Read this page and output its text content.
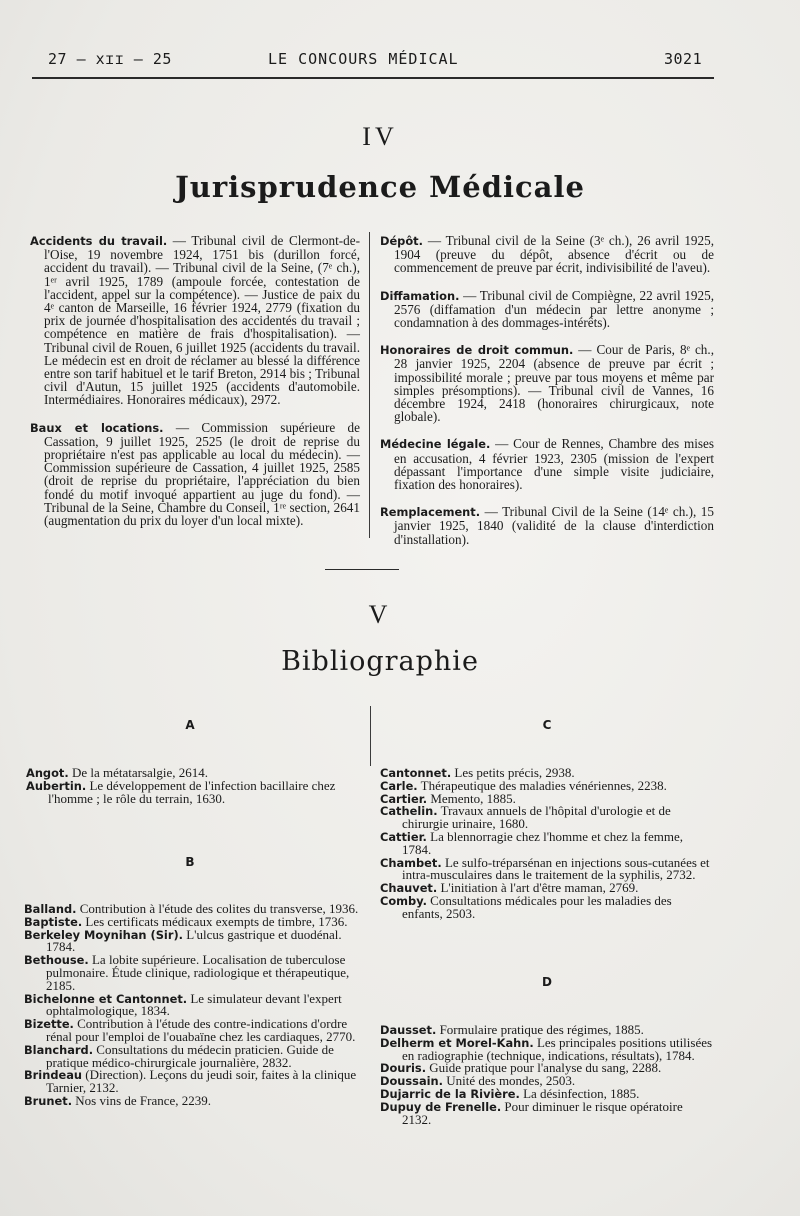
27 — xɪɪ — 25	LE CONCOURS MÉDICAL	3021
IV
Jurisprudence Médicale

Accidents du travail. — Tribunal civil de Clermont-de-l'Oise, 19 novembre 1924, 1751 bis (durillon forcé, accident du travail). — Tribunal civil de la Seine, (7ᵉ ch.), 1ᵉʳ avril 1925, 1789 (ampoule forcée, contestation de l'accident, appel sur la compétence). — Justice de paix du 4ᵉ canton de Marseille, 16 février 1924, 2779 (fixation du prix de journée d'hospitalisation des accidentés du travail ; compétence en matière de frais d'hospitalisation). — Tribunal civil de Rouen, 6 juillet 1925 (accidents du travail. Le médecin est en droit de réclamer au blessé la différence entre son tarif habituel et le tarif Breton, 2914 bis ; Tribunal civil d'Autun, 15 juillet 1925 (accidents d'automobile. Intermédiaires. Honoraires médicaux), 2972.

Baux et locations. — Commission supérieure de Cassation, 9 juillet 1925, 2525 (le droit de reprise du propriétaire n'est pas applicable au local du médecin). — Commission supérieure de Cassation, 4 juillet 1925, 2585 (droit de reprise du propriétaire, l'appréciation du bien fondé du motif invoqué appartient au juge du fond). — Tribunal de la Seine, Chambre du Conseil, 1ʳᵉ section, 2641 (augmentation du prix du loyer d'un local mixte).

Dépôt. — Tribunal civil de la Seine (3ᵉ ch.), 26 avril 1925, 1904 (preuve du dépôt, absence d'écrit ou de commencement de preuve par écrit, indivisibilité de l'aveu).

Diffamation. — Tribunal civil de Compiègne, 22 avril 1925, 2576 (diffamation d'un médecin par lettre anonyme ; condamnation à des dommages-intérêts).

Honoraires de droit commun. — Cour de Paris, 8ᵉ ch., 28 janvier 1925, 2204 (absence de preuve par écrit ; impossibilité morale ; preuve par tous moyens et même par simples présomptions). — Tribunal civil de Vannes, 16 décembre 1924, 2418 (honoraires chirurgicaux, note globale).

Médecine légale. — Cour de Rennes, Chambre des mises en accusation, 4 février 1923, 2305 (mission de l'expert dépassant l'importance d'une simple visite judiciaire, fixation des honoraires).

Remplacement. — Tribunal Civil de la Seine (14ᵉ ch.), 15 janvier 1925, 1840 (validité de la clause d'interdiction d'installation).

V
Bibliographie
A

Angot. De la métatarsalgie, 2614.

Aubertin. Le développement de l'infection bacillaire chez l'homme ; le rôle du terrain, 1630.

B

Balland. Contribution à l'étude des colites du transverse, 1936.

Baptiste. Les certificats médicaux exempts de timbre, 1736.

Berkeley Moynihan (Sir). L'ulcus gastrique et duodénal. 1784.

Bethouse. La lobite supérieure. Localisation de tuberculose pulmonaire. Étude clinique, radiologique et thérapeutique, 2185.

Bichelonne et Cantonnet. Le simulateur devant l'expert ophtalmologique, 1834.

Bizette. Contribution à l'étude des contre-indications d'ordre rénal pour l'emploi de l'ouabaïne chez les cardiaques, 2770.

Blanchard. Consultations du médecin praticien. Guide de pratique médico-chirurgicale journalière, 2832.

Brindeau (Direction). Leçons du jeudi soir, faites à la clinique Tarnier, 2132.

Brunet. Nos vins de France, 2239.

C

Cantonnet. Les petits précis, 2938.

Carle. Thérapeutique des maladies vénériennes, 2238.

Cartier. Memento, 1885.

Cathelin. Travaux annuels de l'hôpital d'urologie et de chirurgie urinaire, 1680.

Cattier. La blennorragie chez l'homme et chez la femme, 1784.

Chambet. Le sulfo-tréparsénan en injections sous-cutanées et intra-musculaires dans le traitement de la syphilis, 2732.

Chauvet. L'initiation à l'art d'être maman, 2769.

Comby. Consultations médicales pour les maladies des enfants, 2503.

D

Dausset. Formulaire pratique des régimes, 1885.

Delherm et Morel-Kahn. Les principales positions utilisées en radiographie (technique, indications, résultats), 1784.

Douris. Guide pratique pour l'analyse du sang, 2288.

Doussain. Unité des mondes, 2503.

Dujarric de la Rivière. La désinfection, 1885.

Dupuy de Frenelle. Pour diminuer le risque opératoire 2132.
